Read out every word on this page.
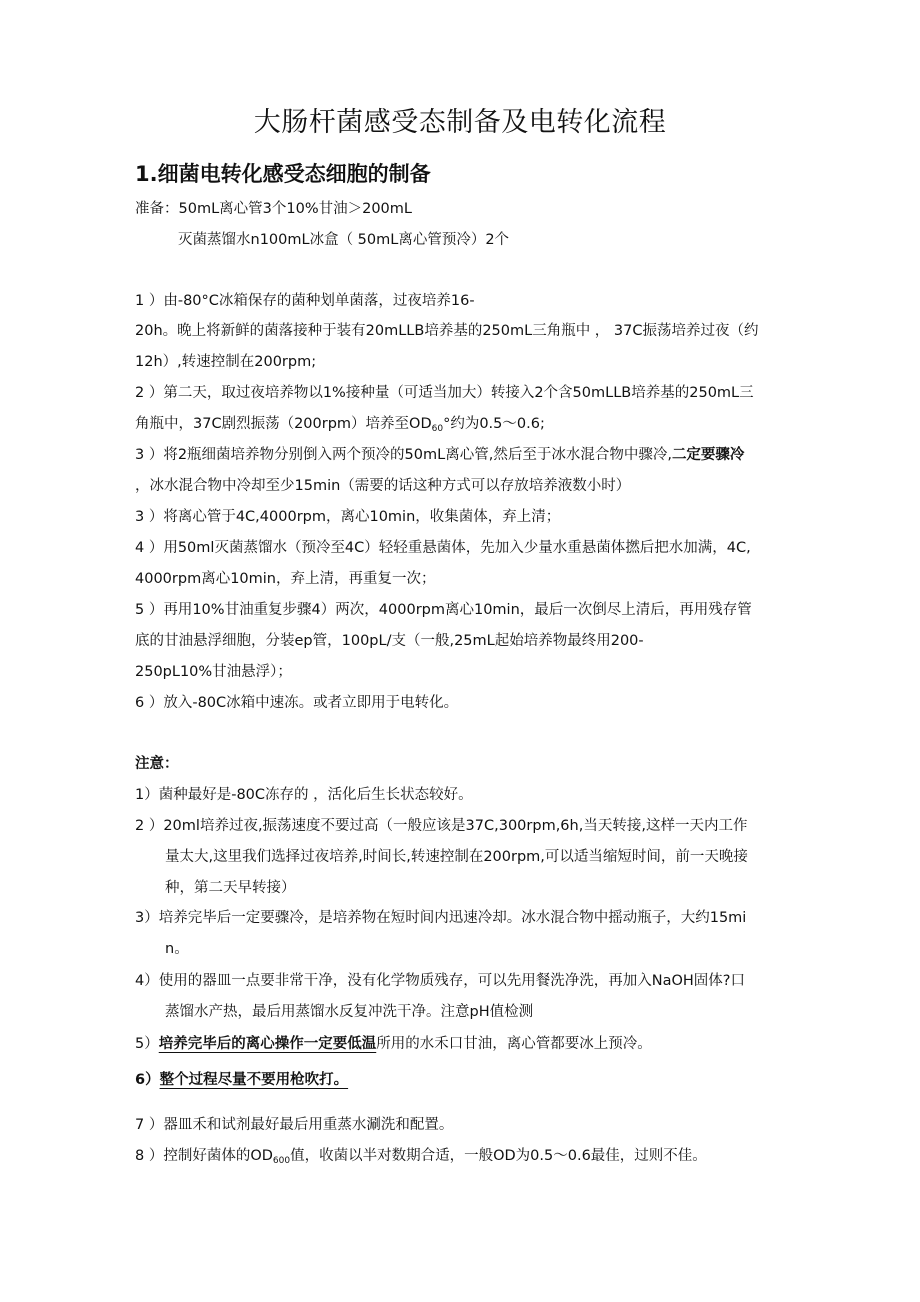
大肠杆菌感受态制备及电转化流程
1.细菌电转化感受态细胞的制备
准备：50mL离心管3个10%甘油＞200mL
灭菌蒸馏水n100mL冰盒（ 50mL离心管预冷）2个
1 ）由-80°C冰箱保存的菌种划单菌落，过夜培养16-
20h。晚上将新鲜的菌落接种于装有20mLLB培养基的250mL三角瓶中 ， 37C振荡培养过夜（约
12h）,转速控制在200rpm;
2 ）第二天，取过夜培养物以1%接种量（可适当加大）转接入2个含50mLLB培养基的250mL三
角瓶中，37C剧烈振荡（200rpm）培养至$OD_{60}^\circ$约为0.5～0.6;
3 ）将2瓶细菌培养物分别倒入两个预冷的50mL离心管,然后至于冰水混合物中骤冷,二定要骤冷
，冰水混合物中冷却至少15min（需要的话这种方式可以存放培养液数小时）
3 ）将离心管于4C,4000rpm，离心10min，收集菌体，弃上清；
4 ）用50ml灭菌蒸馏水（预冷至4C）轻轻重悬菌体，先加入少量水重悬菌体撚后把水加满，4C,
4000rpm离心10min，弃上清，再重复一次；
5 ）再用10%甘油重复步骤4）两次，4000rpm离心10min，最后一次倒尽上清后，再用残存管
底的甘油悬浮细胞，分装ep管，100pL/支（一般,25mL起始培养物最终用200-
250pL10%甘油悬浮）；
6 ）放入-80C冰箱中速冻。或者立即用于电转化。
注意：
1）菌种最好是-80C冻存的 ，活化后生长状态较好。
2 ）20ml培养过夜,振荡速度不要过高（一般应该是37C,300rpm,6h,当天转接,这样一天内工作
量太大,这里我们选择过夜培养,时间长,转速控制在200rpm,可以适当缩短时间，前一天晚接
种，第二天早转接）
3）培养完毕后一定要骤冷，是培养物在短时间内迅速冷却。冰水混合物中摇动瓶子，大约15mi
n。
4）使用的器皿一点要非常干净，没有化学物质残存，可以先用餐洗净洗，再加入NaOH固体?口
蒸馏水产热，最后用蒸馏水反复冲洗干净。注意pH值检测
5）培养完毕后的离心操作一定要低温所用的水禾口甘油，离心管都要冰上预冷。
6）整个过程尽量不要用枪吹打。
7 ）器皿禾和试剂最好最后用重蒸水涮洗和配置。
8 ）控制好菌体的$OD_{600}$值，收菌以半对数期合适，一般OD为0.5～0.6最佳，过则不佳。
